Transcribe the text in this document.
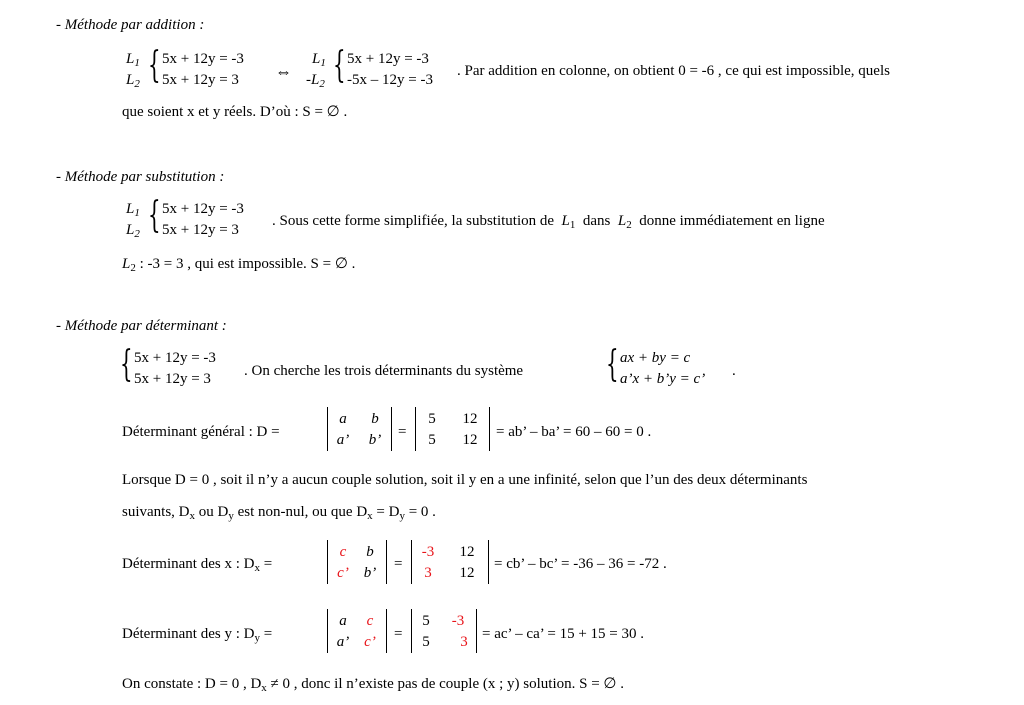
- Méthode par addition :
$L_1$
$L_2$ { 5x + 12y = -3
5x + 12y = 3 ⇔
$L_1$
$-L_2$ { 5x + 12y = -3
-5x – 12y = -3
. Par addition en colonne, on obtient 0 = -6 , ce qui est impossible, quels
que soient x et y réels. D’où : S = ∅ .
- Méthode par substitution :
$L_1$
$L_2$ { 5x + 12y = -3
5x + 12y = 3
. Sous cette forme simplifiée, la substitution de $L_1$ dans $L_2$ donne immédiatement en ligne
$L_2$ : -3 = 3 , qui est impossible. S = ∅ .
- Méthode par déterminant :
{ 5x + 12y = -3
5x + 12y = 3 . On cherche les trois déterminants du système { ax + by = c
a’x + b’y = c’ .
Déterminant général : D =
a	b
a’	b’	=
5	12
5	12	= ab’ – ba’ = 60 – 60 = 0 .
Lorsque D = 0 , soit il n’y a aucun couple solution, soit il y en a une infinité, selon que l’un des deux déterminants
suivants, $D_x$ ou $D_y$ est non-nul, ou que $D_x = D_y = 0$ .
Déterminant des x : $D_x$ =
c	b
c’ b’
=
-3	12
3	12
= cb’ – bc’ = -36 – 36 = -72 .
Déterminant des y : $D_y$ =
a	c
a’ c’	=
5	-3
5	3 = ac’ – ca’ = 15 + 15 = 30 .
On constate : D = 0 , $D_x \ne 0$ , donc il n’existe pas de couple (x ; y) solution. S = ∅ .
